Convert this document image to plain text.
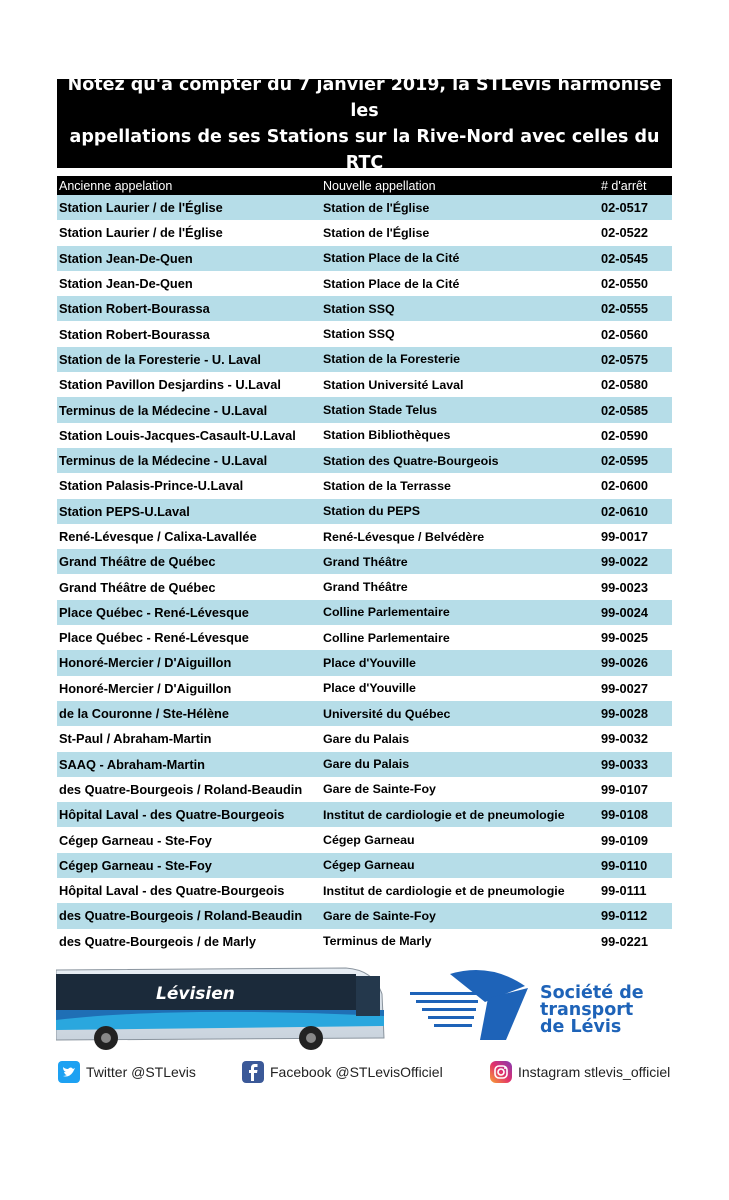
Notez qu'à compter du 7 janvier 2019, la STLévis harmonise les
appellations de ses Stations sur la Rive-Nord avec celles du RTC
Ancienne appelation	Nouvelle appellation	# d'arrêt
Station Laurier / de l'Église	Station de l'Église	02-0517
Station Laurier / de l'Église	Station de l'Église	02-0522
Station Jean-De-Quen	Station Place de la Cité	02-0545
Station Jean-De-Quen	Station Place de la Cité	02-0550
Station Robert-Bourassa	Station SSQ	02-0555
Station Robert-Bourassa	Station SSQ	02-0560
Station de la Foresterie - U. Laval	Station de la Foresterie	02-0575
Station Pavillon Desjardins - U.Laval	Station Université Laval	02-0580
Terminus de la Médecine - U.Laval	Station Stade Telus	02-0585
Station Louis-Jacques-Casault-U.Laval	Station Bibliothèques	02-0590
Terminus de la Médecine - U.Laval	Station des Quatre-Bourgeois	02-0595
Station Palasis-Prince-U.Laval	Station de la Terrasse	02-0600
Station PEPS-U.Laval	Station du PEPS	02-0610
René-Lévesque / Calixa-Lavallée	René-Lévesque / Belvédère	99-0017
Grand Théâtre de Québec	Grand Théâtre	99-0022
Grand Théâtre de Québec	Grand Théâtre	99-0023
Place Québec - René-Lévesque	Colline Parlementaire	99-0024
Place Québec - René-Lévesque	Colline Parlementaire	99-0025
Honoré-Mercier / D'Aiguillon	Place d'Youville	99-0026
Honoré-Mercier / D'Aiguillon	Place d'Youville	99-0027
de la Couronne / Ste-Hélène	Université du Québec	99-0028
St-Paul / Abraham-Martin	Gare du Palais	99-0032
SAAQ - Abraham-Martin	Gare du Palais	99-0033
des Quatre-Bourgeois / Roland-Beaudin	Gare de Sainte-Foy	99-0107
Hôpital Laval - des Quatre-Bourgeois	Institut de cardiologie et de pneumologie	99-0108
Cégep Garneau - Ste-Foy	Cégep Garneau	99-0109
Cégep Garneau - Ste-Foy	Cégep Garneau	99-0110
Hôpital Laval - des Quatre-Bourgeois	Institut de cardiologie et de pneumologie	99-0111
des Quatre-Bourgeois / Roland-Beaudin	Gare de Sainte-Foy	99-0112
des Quatre-Bourgeois / de Marly	Terminus de Marly	99-0221
Lévisien	Société de
transport
de Lévis
Twitter @STLevis	Facebook @STLevisOfficiel	Instagram stlevis_officiel
